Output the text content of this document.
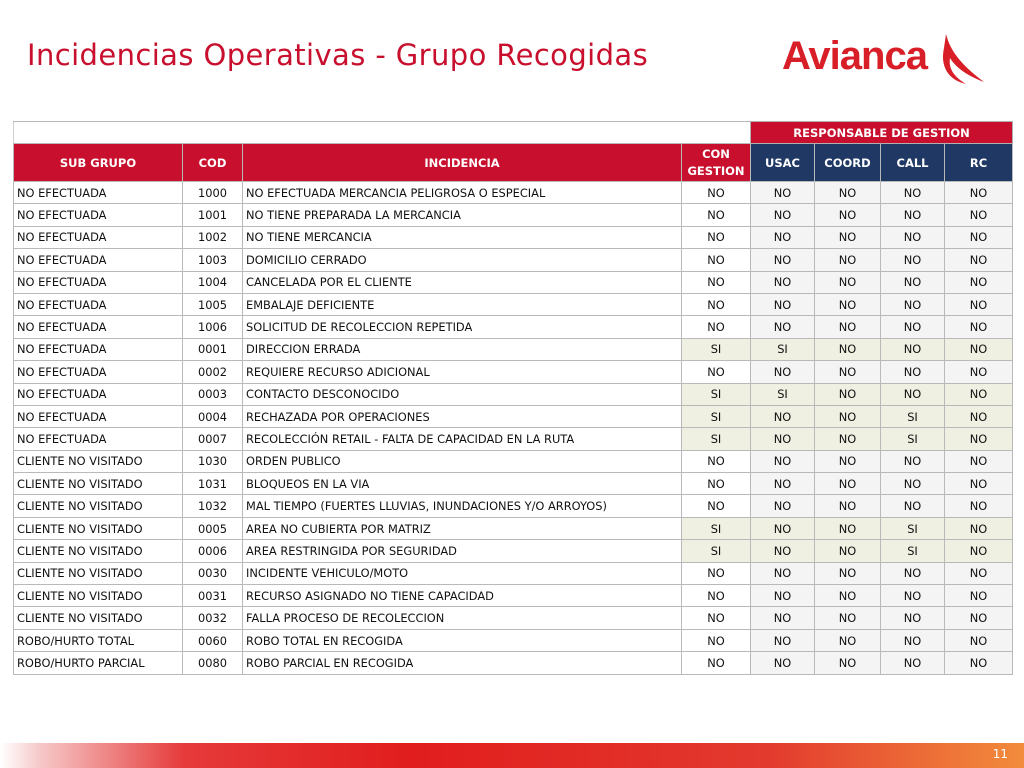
Incidencias Operativas - Grupo Recogidas	Avianca
				RESPONSABLE DE GESTION			
SUB GRUPO	COD	INCIDENCIA	CON GESTION	USAC	COORD	CALL	RC
NO EFECTUADA	1000	NO EFECTUADA MERCANCIA PELIGROSA O ESPECIAL	NO	NO	NO	NO	NO
NO EFECTUADA	1001	NO TIENE PREPARADA LA MERCANCIA	NO	NO	NO	NO	NO
NO EFECTUADA	1002	NO TIENE MERCANCIA	NO	NO	NO	NO	NO
NO EFECTUADA	1003	DOMICILIO CERRADO	NO	NO	NO	NO	NO
NO EFECTUADA	1004	CANCELADA POR EL CLIENTE	NO	NO	NO	NO	NO
NO EFECTUADA	1005	EMBALAJE DEFICIENTE	NO	NO	NO	NO	NO
NO EFECTUADA	1006	SOLICITUD DE RECOLECCION REPETIDA	NO	NO	NO	NO	NO
NO EFECTUADA	0001	DIRECCION ERRADA	SI	SI	NO	NO	NO
NO EFECTUADA	0002	REQUIERE RECURSO ADICIONAL	NO	NO	NO	NO	NO
NO EFECTUADA	0003	CONTACTO DESCONOCIDO	SI	SI	NO	NO	NO
NO EFECTUADA	0004	RECHAZADA POR OPERACIONES	SI	NO	NO	SI	NO
NO EFECTUADA	0007	RECOLECCIÓN RETAIL - FALTA DE CAPACIDAD EN LA RUTA	SI	NO	NO	SI	NO
CLIENTE NO VISITADO	1030	ORDEN PUBLICO	NO	NO	NO	NO	NO
CLIENTE NO VISITADO	1031	BLOQUEOS EN LA VIA	NO	NO	NO	NO	NO
CLIENTE NO VISITADO	1032	MAL TIEMPO (FUERTES LLUVIAS, INUNDACIONES Y/O ARROYOS)	NO	NO	NO	NO	NO
CLIENTE NO VISITADO	0005	AREA NO CUBIERTA POR MATRIZ	SI	NO	NO	SI	NO
CLIENTE NO VISITADO	0006	AREA RESTRINGIDA POR SEGURIDAD	SI	NO	NO	SI	NO
CLIENTE NO VISITADO	0030	INCIDENTE VEHICULO/MOTO	NO	NO	NO	NO	NO
CLIENTE NO VISITADO	0031	RECURSO ASIGNADO NO TIENE CAPACIDAD	NO	NO	NO	NO	NO
CLIENTE NO VISITADO	0032	FALLA PROCESO DE RECOLECCION	NO	NO	NO	NO	NO
ROBO/HURTO TOTAL	0060	ROBO TOTAL EN RECOGIDA	NO	NO	NO	NO	NO
ROBO/HURTO PARCIAL	0080	ROBO PARCIAL EN RECOGIDA	NO	NO	NO	NO	NO
11
